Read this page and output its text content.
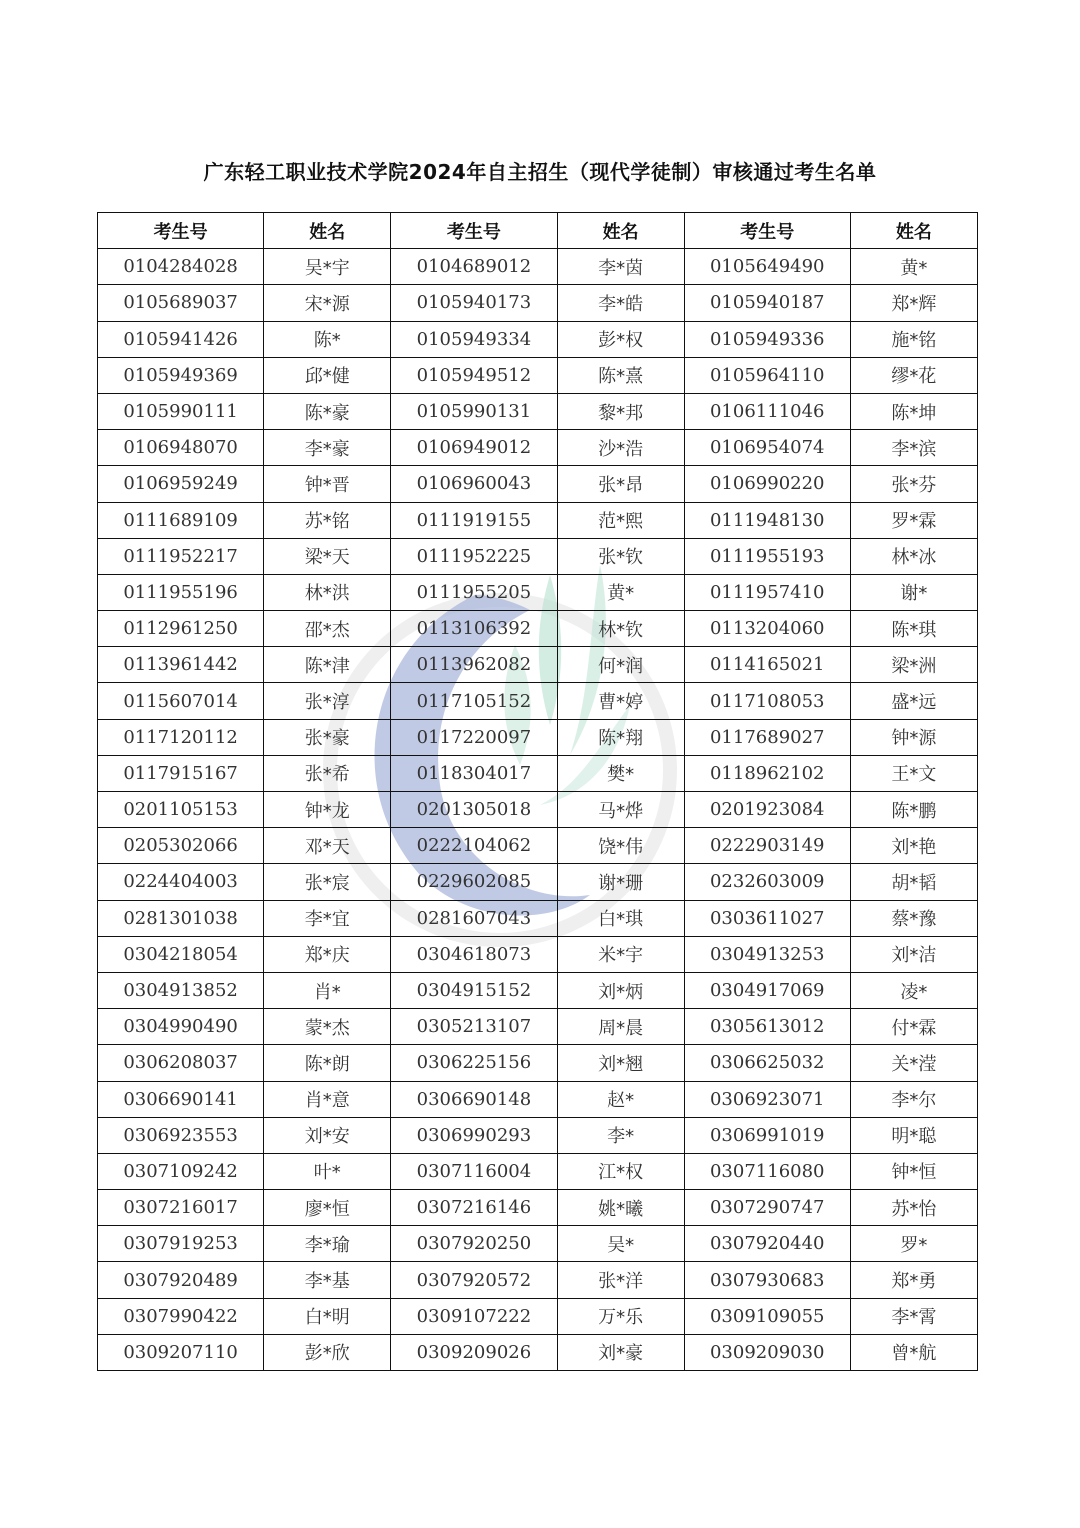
广东轻工职业技术学院2024年自主招生（现代学徒制）审核通过考生名单
考生号	姓名	考生号	姓名	考生号	姓名
0104284028	吴*宇	0104689012	李*茵	0105649490	黄*
0105689037	宋*源	0105940173	李*皓	0105940187	郑*辉
0105941426	陈*	0105949334	彭*权	0105949336	施*铭
0105949369	邱*健	0105949512	陈*熹	0105964110	缪*花
0105990111	陈*豪	0105990131	黎*邦	0106111046	陈*坤
0106948070	李*豪	0106949012	沙*浩	0106954074	李*滨
0106959249	钟*晋	0106960043	张*昂	0106990220	张*芬
0111689109	苏*铭	0111919155	范*熙	0111948130	罗*霖
0111952217	梁*天	0111952225	张*钦	0111955193	林*冰
0111955196	林*洪	0111955205	黄*	0111957410	谢*
0112961250	邵*杰	0113106392	林*钦	0113204060	陈*琪
0113961442	陈*津	0113962082	何*润	0114165021	梁*洲
0115607014	张*淳	0117105152	曹*婷	0117108053	盛*远
0117120112	张*豪	0117220097	陈*翔	0117689027	钟*源
0117915167	张*希	0118304017	樊*	0118962102	王*文
0201105153	钟*龙	0201305018	马*烨	0201923084	陈*鹏
0205302066	邓*天	0222104062	饶*伟	0222903149	刘*艳
0224404003	张*宸	0229602085	谢*珊	0232603009	胡*韬
0281301038	李*宜	0281607043	白*琪	0303611027	蔡*豫
0304218054	郑*庆	0304618073	米*宇	0304913253	刘*洁
0304913852	肖*	0304915152	刘*炳	0304917069	凌*
0304990490	蒙*杰	0305213107	周*晨	0305613012	付*霖
0306208037	陈*朗	0306225156	刘*翘	0306625032	关*滢
0306690141	肖*意	0306690148	赵*	0306923071	李*尔
0306923553	刘*安	0306990293	李*	0306991019	明*聪
0307109242	叶*	0307116004	江*权	0307116080	钟*恒
0307216017	廖*恒	0307216146	姚*曦	0307290747	苏*怡
0307919253	李*瑜	0307920250	吴*	0307920440	罗*
0307920489	李*基	0307920572	张*洋	0307930683	郑*勇
0307990422	白*明	0309107222	万*乐	0309109055	李*霄
0309207110	彭*欣	0309209026	刘*豪	0309209030	曾*航
